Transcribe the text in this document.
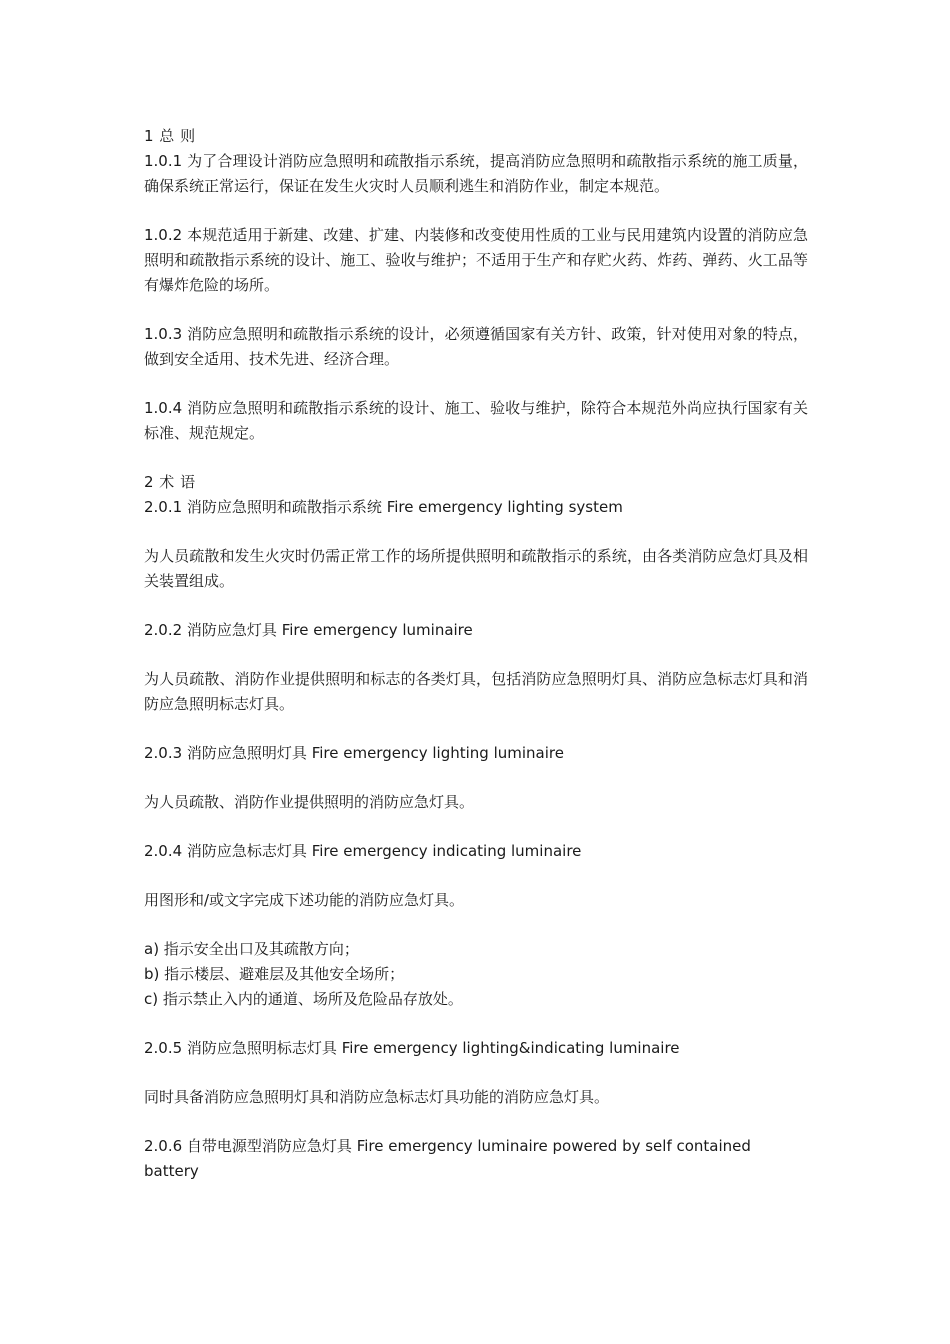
1 总 则

1.0.1 为了合理设计消防应急照明和疏散指示系统，提高消防应急照明和疏散指示系统的施工质量，确保系统正常运行，保证在发生火灾时人员顺利逃生和消防作业，制定本规范。

1.0.2 本规范适用于新建、改建、扩建、内装修和改变使用性质的工业与民用建筑内设置的消防应急照明和疏散指示系统的设计、施工、验收与维护；不适用于生产和存贮火药、炸药、弹药、火工品等有爆炸危险的场所。

1.0.3 消防应急照明和疏散指示系统的设计，必须遵循国家有关方针、政策，针对使用对象的特点，做到安全适用、技术先进、经济合理。

1.0.4 消防应急照明和疏散指示系统的设计、施工、验收与维护，除符合本规范外尚应执行国家有关标准、规范规定。

2 术 语

2.0.1 消防应急照明和疏散指示系统 Fire emergency lighting system

为人员疏散和发生火灾时仍需正常工作的场所提供照明和疏散指示的系统，由各类消防应急灯具及相关装置组成。

2.0.2 消防应急灯具 Fire emergency luminaire

为人员疏散、消防作业提供照明和标志的各类灯具，包括消防应急照明灯具、消防应急标志灯具和消防应急照明标志灯具。

2.0.3 消防应急照明灯具 Fire emergency lighting luminaire

为人员疏散、消防作业提供照明的消防应急灯具。

2.0.4 消防应急标志灯具 Fire emergency indicating luminaire

用图形和/或文字完成下述功能的消防应急灯具。

a) 指示安全出口及其疏散方向；

b) 指示楼层、避难层及其他安全场所；

c) 指示禁止入内的通道、场所及危险品存放处。

2.0.5 消防应急照明标志灯具 Fire emergency lighting&indicating luminaire

同时具备消防应急照明灯具和消防应急标志灯具功能的消防应急灯具。

2.0.6 自带电源型消防应急灯具 Fire emergency luminaire powered by self contained battery
